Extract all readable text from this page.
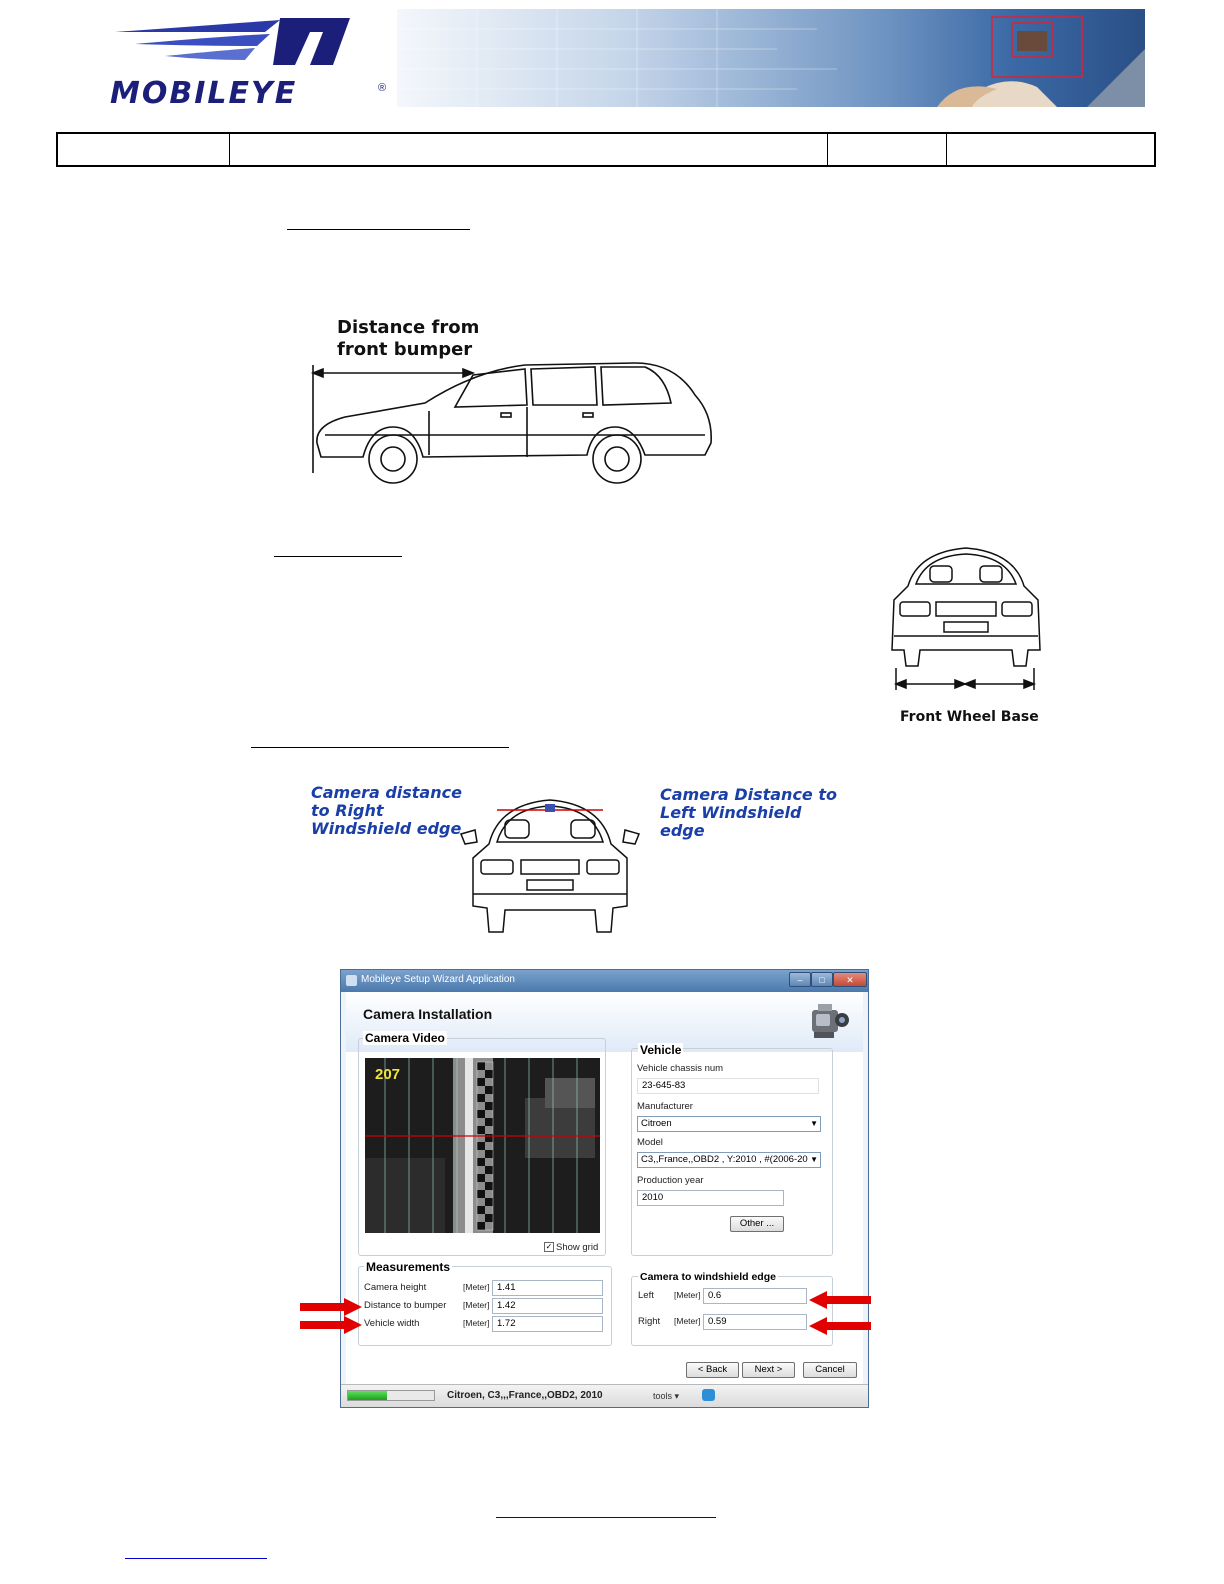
MOBILEYE	®
Distance from
front bumper
Front Wheel Base
Camera distance
to Right
Windshield edge
Camera Distance to
Left Windshield
edge
Mobileye Setup Wizard Application	–	□	✕
Camera Installation
Camera Video
207
✓ Show grid
Vehicle
Vehicle chassis num
23-645-83
Manufacturer
Citroen	▼
Model
C3,,France,,OBD2 , Y:2010 , #(2006-20 ▼
Production year
2010
Other ...
Measurements
Camera height	[Meter] 1.41
Distance to bumper [Meter] 1.42
Vehicle width	[Meter] 1.72
Camera to windshield edge
Left [Meter] 0.6
Right [Meter] 0.59
< Back	Next >	Cancel
Citroen, C3,,,France,,OBD2, 2010	tools ▾
